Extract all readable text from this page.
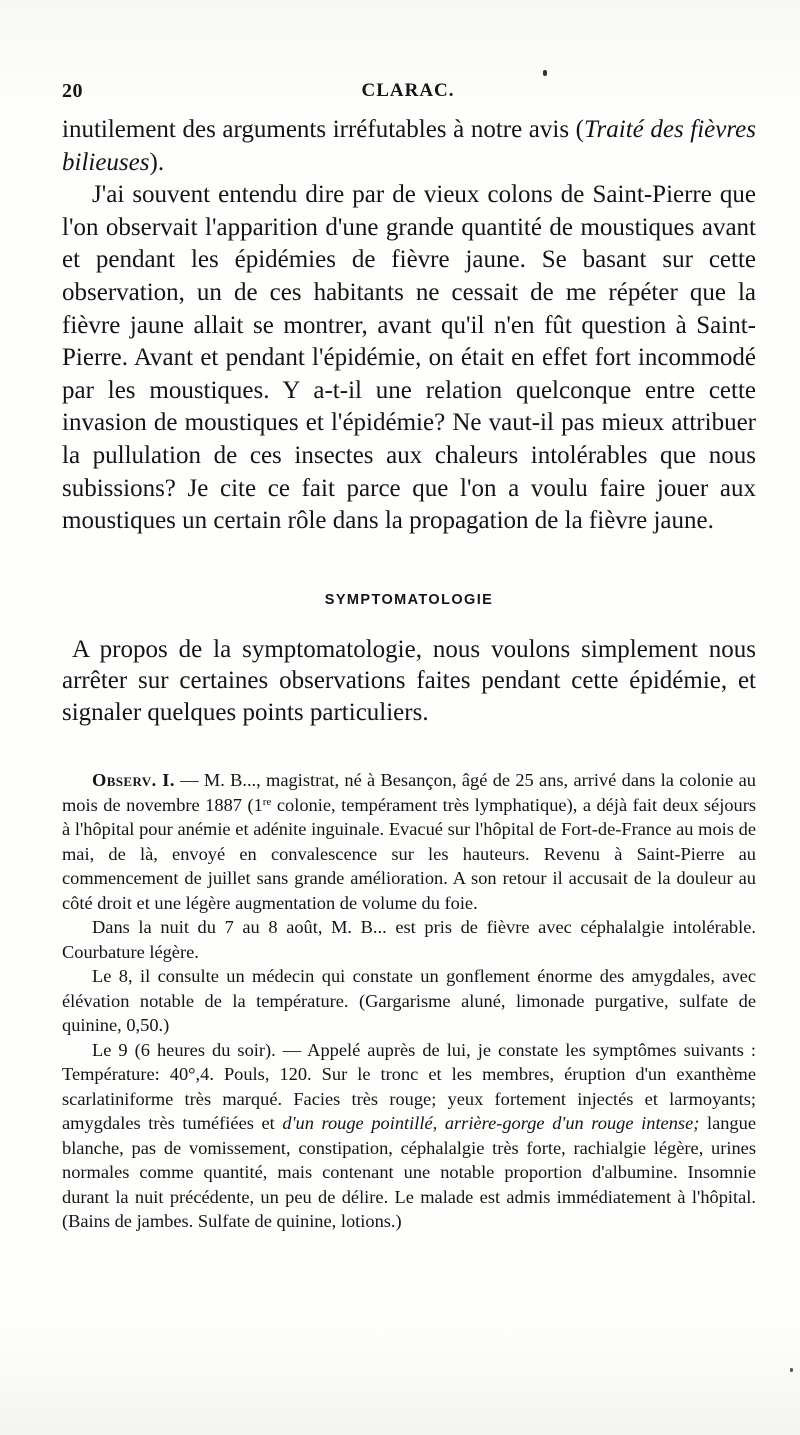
20	CLARAC.

inutilement des arguments irréfutables à notre avis (Traité des fièvres bilieuses).

J'ai souvent entendu dire par de vieux colons de Saint-Pierre que l'on observait l'apparition d'une grande quantité de moustiques avant et pendant les épidémies de fièvre jaune. Se basant sur cette observation, un de ces habitants ne cessait de me répéter que la fièvre jaune allait se montrer, avant qu'il n'en fût question à Saint-Pierre. Avant et pendant l'épidémie, on était en effet fort incommodé par les moustiques. Y a-t-il une relation quelconque entre cette invasion de moustiques et l'épidémie? Ne vaut-il pas mieux attribuer la pullulation de ces insectes aux chaleurs intolérables que nous subissions? Je cite ce fait parce que l'on a voulu faire jouer aux moustiques un certain rôle dans la propagation de la fièvre jaune.

SYMPTOMATOLOGIE

A propos de la symptomatologie, nous voulons simplement nous arrêter sur certaines observations faites pendant cette épidémie, et signaler quelques points particuliers.

Observ. I. — M. B..., magistrat, né à Besançon, âgé de 25 ans, arrivé dans la colonie au mois de novembre 1887 (1re colonie, tempérament très lymphatique), a déjà fait deux séjours à l'hôpital pour anémie et adénite inguinale. Evacué sur l'hôpital de Fort-de-France au mois de mai, de là, envoyé en convalescence sur les hauteurs. Revenu à Saint-Pierre au commencement de juillet sans grande amélioration. A son retour il accusait de la douleur au côté droit et une légère augmentation de volume du foie.

Dans la nuit du 7 au 8 août, M. B... est pris de fièvre avec céphalalgie intolérable. Courbature légère.

Le 8, il consulte un médecin qui constate un gonflement énorme des amygdales, avec élévation notable de la température. (Gargarisme aluné, limonade purgative, sulfate de quinine, 0,50.)

Le 9 (6 heures du soir). — Appelé auprès de lui, je constate les symptômes suivants : Température: 40°,4. Pouls, 120. Sur le tronc et les membres, éruption d'un exanthème scarlatiniforme très marqué. Facies très rouge; yeux fortement injectés et larmoyants; amygdales très tuméfiées et d'un rouge pointillé, arrière-gorge d'un rouge intense; langue blanche, pas de vomissement, constipation, céphalalgie très forte, rachialgie légère, urines normales comme quantité, mais contenant une notable proportion d'albumine. Insomnie durant la nuit précédente, un peu de délire. Le malade est admis immédiatement à l'hôpital. (Bains de jambes. Sulfate de quinine, lotions.)
